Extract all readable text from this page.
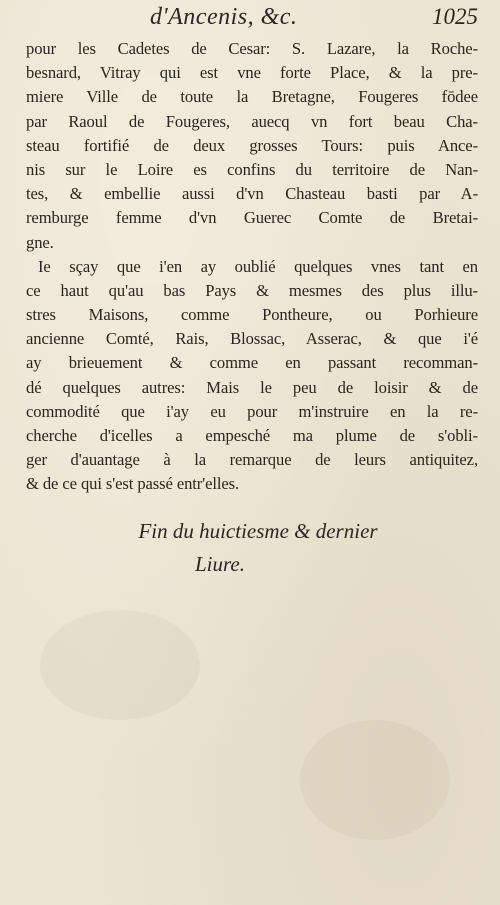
d'Ancenis, &c.	1025
pour les Cadetes de Cesar: S. Lazare, la Roche-
besnard, Vitray qui est vne forte Place, & la pre-
miere Ville de toute la Bretagne, Fougeres fōdee
par Raoul de Fougeres, auecq vn fort beau Cha-
steau fortifié de deux grosses Tours: puis Ance-
nis sur le Loire es confins du territoire de Nan-
tes, & embellie aussi d'vn Chasteau basti par A-
remburge femme d'vn Guerec Comte de Bretai-
gne.
Ie sçay que i'en ay oublié quelques vnes tant en
ce haut qu'au bas Pays & mesmes des plus illu-
stres Maisons, comme Pontheure, ou Porhieure
ancienne Comté, Rais, Blossac, Asserac, & que i'é
ay brieuement & comme en passant recomman-
dé quelques autres: Mais le peu de loisir & de
commodité que i'ay eu pour m'instruire en la re-
cherche d'icelles a empesché ma plume de s'obli-
ger d'auantage à la remarque de leurs antiquitez,
& de ce qui s'est passé entr'elles.
Fin du huictiesme & dernier
Liure.
